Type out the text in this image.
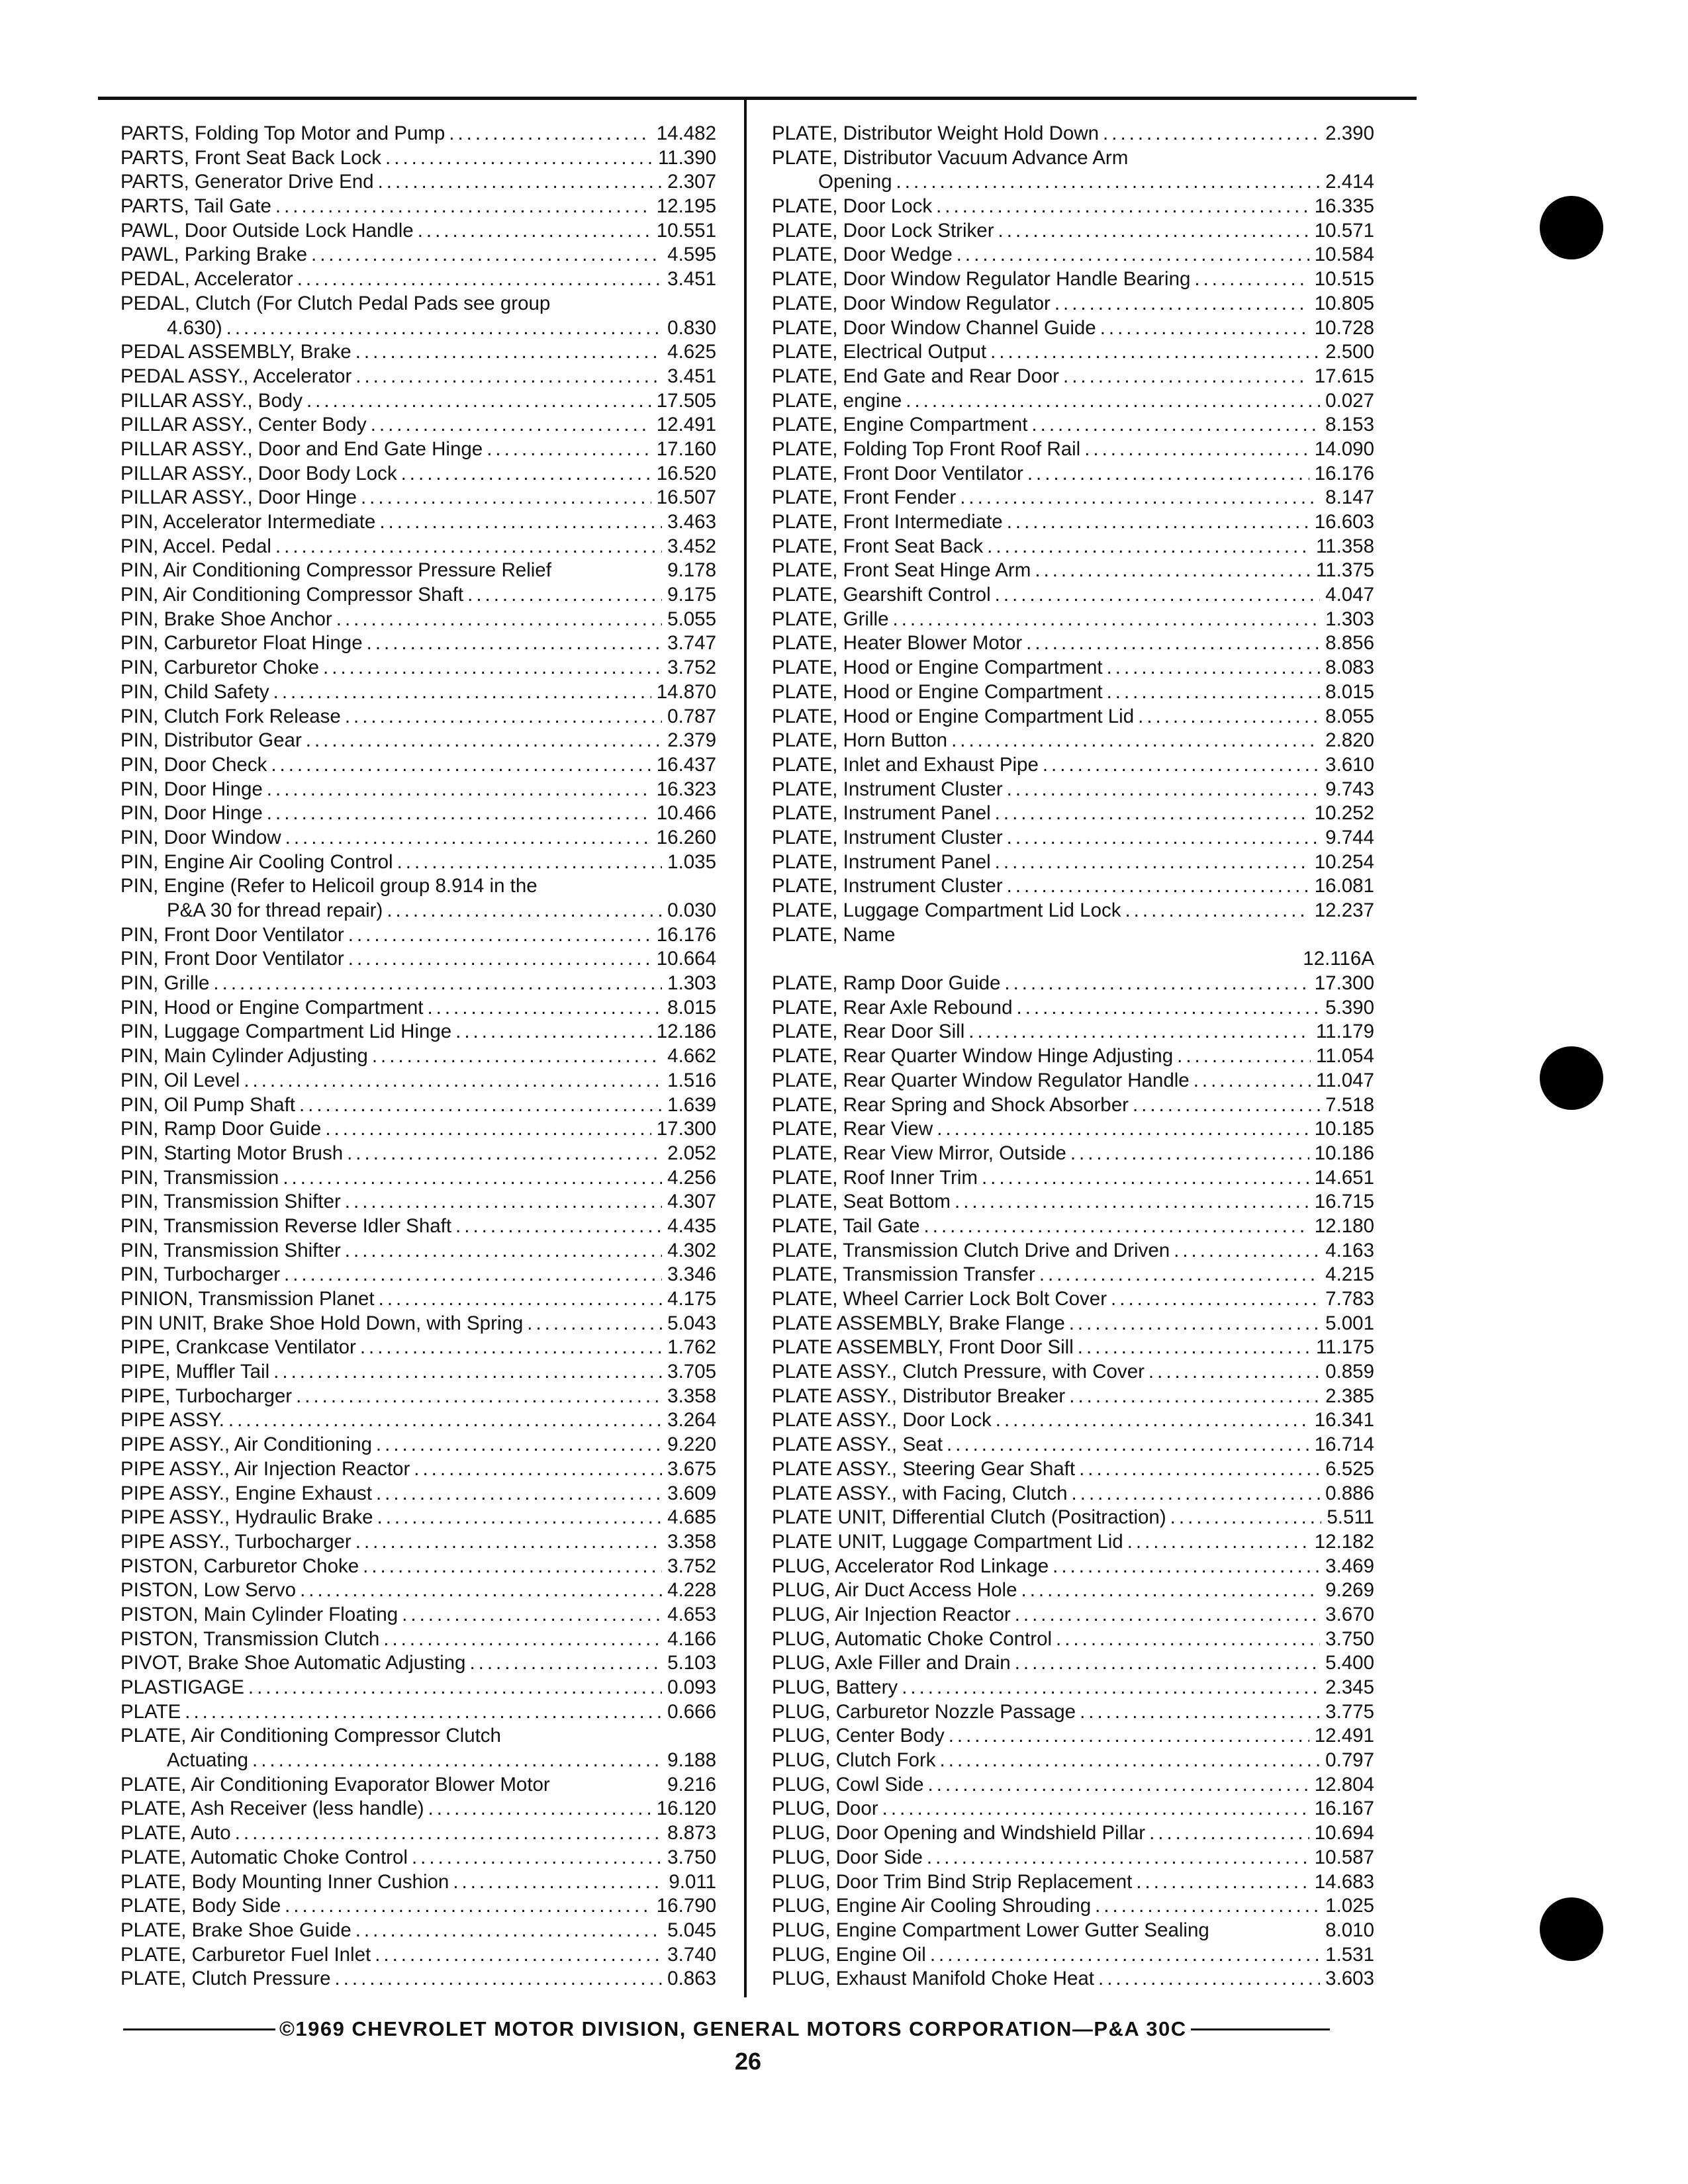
PARTS, Folding Top Motor and Pump .....	14.482
PARTS, Front Seat Back Lock .....	11.390
PARTS, Generator Drive End .....	2.307
PARTS, Tail Gate .....	12.195
PAWL, Door Outside Lock Handle .....	10.551
PAWL, Parking Brake .....	4.595
PEDAL, Accelerator .....	3.451
PEDAL, Clutch (For Clutch Pedal Pads see group
4.630) .....	0.830
PEDAL ASSEMBLY, Brake .....	4.625
PEDAL ASSY., Accelerator .....	3.451
PILLAR ASSY., Body .....	17.505
PILLAR ASSY., Center Body .....	12.491
PILLAR ASSY., Door and End Gate Hinge .....	17.160
PILLAR ASSY., Door Body Lock .....	16.520
PILLAR ASSY., Door Hinge .....	16.507
PIN, Accelerator Intermediate .....	3.463
PIN, Accel. Pedal .....	3.452
PIN, Air Conditioning Compressor Pressure Relief	9.178
PIN, Air Conditioning Compressor Shaft .....	9.175
PIN, Brake Shoe Anchor .....	5.055
PIN, Carburetor Float Hinge .....	3.747
PIN, Carburetor Choke .....	3.752
PIN, Child Safety .....	14.870
PIN, Clutch Fork Release .....	0.787
PIN, Distributor Gear .....	2.379
PIN, Door Check .....	16.437
PIN, Door Hinge .....	16.323
PIN, Door Hinge .....	10.466
PIN, Door Window .....	16.260
PIN, Engine Air Cooling Control .....	1.035
PIN, Engine (Refer to Helicoil group 8.914 in the
P&A 30 for thread repair) .....	0.030
PIN, Front Door Ventilator .....	16.176
PIN, Front Door Ventilator .....	10.664
PIN, Grille .....	1.303
PIN, Hood or Engine Compartment .....	8.015
PIN, Luggage Compartment Lid Hinge .....	12.186
PIN, Main Cylinder Adjusting .....	4.662
PIN, Oil Level .....	1.516
PIN, Oil Pump Shaft .....	1.639
PIN, Ramp Door Guide .....	17.300
PIN, Starting Motor Brush .....	2.052
PIN, Transmission .....	4.256
PIN, Transmission Shifter .....	4.307
PIN, Transmission Reverse Idler Shaft .....	4.435
PIN, Transmission Shifter .....	4.302
PIN, Turbocharger .....	3.346
PINION, Transmission Planet .....	4.175
PIN UNIT, Brake Shoe Hold Down, with Spring .....	5.043
PIPE, Crankcase Ventilator .....	1.762
PIPE, Muffler Tail .....	3.705
PIPE, Turbocharger .....	3.358
PIPE ASSY. .....	3.264
PIPE ASSY., Air Conditioning .....	9.220
PIPE ASSY., Air Injection Reactor .....	3.675
PIPE ASSY., Engine Exhaust .....	3.609
PIPE ASSY., Hydraulic Brake .....	4.685
PIPE ASSY., Turbocharger .....	3.358
PISTON, Carburetor Choke .....	3.752
PISTON, Low Servo .....	4.228
PISTON, Main Cylinder Floating .....	4.653
PISTON, Transmission Clutch .....	4.166
PIVOT, Brake Shoe Automatic Adjusting .....	5.103
PLASTIGAGE .....	0.093
PLATE .....	0.666
PLATE, Air Conditioning Compressor Clutch
Actuating .....	9.188
PLATE, Air Conditioning Evaporator Blower Motor	9.216
PLATE, Ash Receiver (less handle) .....	16.120
PLATE, Auto .....	8.873
PLATE, Automatic Choke Control .....	3.750
PLATE, Body Mounting Inner Cushion .....	9.011
PLATE, Body Side .....	16.790
PLATE, Brake Shoe Guide .....	5.045
PLATE, Carburetor Fuel Inlet .....	3.740
PLATE, Clutch Pressure .....	0.863
PLATE, Distributor Weight Hold Down .....	2.390
PLATE, Distributor Vacuum Advance Arm
Opening .....	2.414
PLATE, Door Lock .....	16.335
PLATE, Door Lock Striker .....	10.571
PLATE, Door Wedge .....	10.584
PLATE, Door Window Regulator Handle Bearing .....	10.515
PLATE, Door Window Regulator .....	10.805
PLATE, Door Window Channel Guide .....	10.728
PLATE, Electrical Output .....	2.500
PLATE, End Gate and Rear Door .....	17.615
PLATE, engine .....	0.027
PLATE, Engine Compartment .....	8.153
PLATE, Folding Top Front Roof Rail .....	14.090
PLATE, Front Door Ventilator .....	16.176
PLATE, Front Fender .....	8.147
PLATE, Front Intermediate .....	16.603
PLATE, Front Seat Back .....	11.358
PLATE, Front Seat Hinge Arm .....	11.375
PLATE, Gearshift Control .....	4.047
PLATE, Grille .....	1.303
PLATE, Heater Blower Motor .....	8.856
PLATE, Hood or Engine Compartment .....	8.083
PLATE, Hood or Engine Compartment .....	8.015
PLATE, Hood or Engine Compartment Lid .....	8.055
PLATE, Horn Button .....	2.820
PLATE, Inlet and Exhaust Pipe .....	3.610
PLATE, Instrument Cluster .....	9.743
PLATE, Instrument Panel .....	10.252
PLATE, Instrument Cluster .....	9.744
PLATE, Instrument Panel .....	10.254
PLATE, Instrument Cluster .....	16.081
PLATE, Luggage Compartment Lid Lock .....	12.237
PLATE, Name
12.116A
PLATE, Ramp Door Guide .....	17.300
PLATE, Rear Axle Rebound .....	5.390
PLATE, Rear Door Sill .....	11.179
PLATE, Rear Quarter Window Hinge Adjusting .....	11.054
PLATE, Rear Quarter Window Regulator Handle .....	11.047
PLATE, Rear Spring and Shock Absorber .....	7.518
PLATE, Rear View .....	10.185
PLATE, Rear View Mirror, Outside .....	10.186
PLATE, Roof Inner Trim .....	14.651
PLATE, Seat Bottom .....	16.715
PLATE, Tail Gate .....	12.180
PLATE, Transmission Clutch Drive and Driven .....	4.163
PLATE, Transmission Transfer .....	4.215
PLATE, Wheel Carrier Lock Bolt Cover .....	7.783
PLATE ASSEMBLY, Brake Flange .....	5.001
PLATE ASSEMBLY, Front Door Sill .....	11.175
PLATE ASSY., Clutch Pressure, with Cover .....	0.859
PLATE ASSY., Distributor Breaker .....	2.385
PLATE ASSY., Door Lock .....	16.341
PLATE ASSY., Seat .....	16.714
PLATE ASSY., Steering Gear Shaft .....	6.525
PLATE ASSY., with Facing, Clutch .....	0.886
PLATE UNIT, Differential Clutch (Positraction) .....	5.511
PLATE UNIT, Luggage Compartment Lid .....	12.182
PLUG, Accelerator Rod Linkage .....	3.469
PLUG, Air Duct Access Hole .....	9.269
PLUG, Air Injection Reactor .....	3.670
PLUG, Automatic Choke Control .....	3.750
PLUG, Axle Filler and Drain .....	5.400
PLUG, Battery .....	2.345
PLUG, Carburetor Nozzle Passage .....	3.775
PLUG, Center Body .....	12.491
PLUG, Clutch Fork .....	0.797
PLUG, Cowl Side .....	12.804
PLUG, Door .....	16.167
PLUG, Door Opening and Windshield Pillar .....	10.694
PLUG, Door Side .....	10.587
PLUG, Door Trim Bind Strip Replacement .....	14.683
PLUG, Engine Air Cooling Shrouding .....	1.025
PLUG, Engine Compartment Lower Gutter Sealing	8.010
PLUG, Engine Oil .....	1.531
PLUG, Exhaust Manifold Choke Heat .....	3.603
©1969 CHEVROLET MOTOR DIVISION, GENERAL MOTORS CORPORATION—P&A 30C
26
